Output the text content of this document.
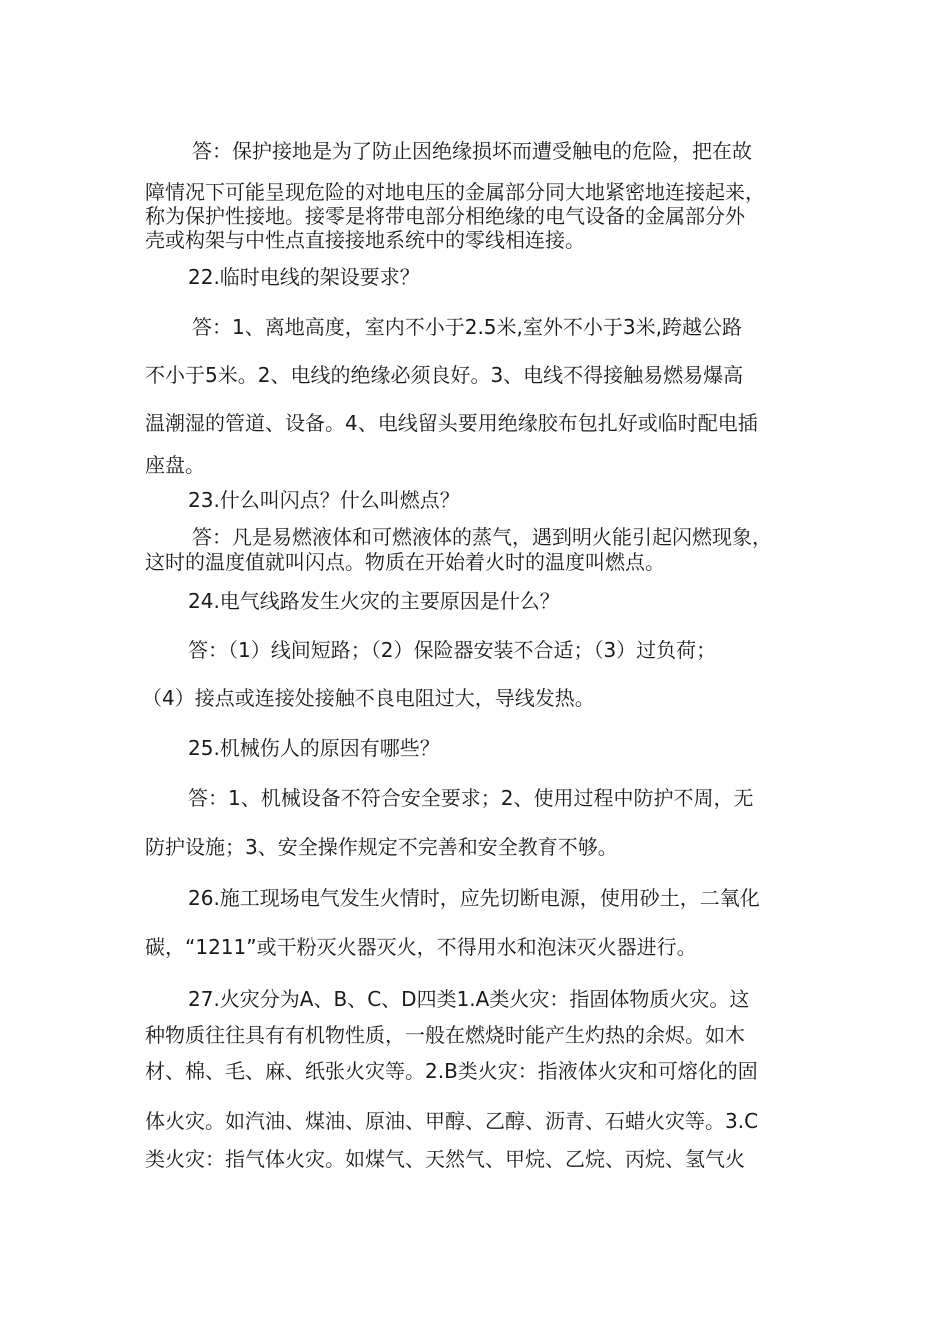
答：保护接地是为了防止因绝缘损坏而遭受触电的危险，把在故
障情况下可能呈现危险的对地电压的金属部分同大地紧密地连接起来，
称为保护性接地。接零是将带电部分相绝缘的电气设备的金属部分外
壳或构架与中性点直接接地系统中的零线相连接。
22.临时电线的架设要求？
答：1、离地高度，室内不小于2.5米,室外不小于3米,跨越公路
不小于5米。2、电线的绝缘必须良好。3、电线不得接触易燃易爆高
温潮湿的管道、设备。4、电线留头要用绝缘胶布包扎好或临时配电插
座盘。
23.什么叫闪点？什么叫燃点？
答：凡是易燃液体和可燃液体的蒸气，遇到明火能引起闪燃现象，
这时的温度值就叫闪点。物质在开始着火时的温度叫燃点。
24.电气线路发生火灾的主要原因是什么？
答：（1）线间短路；（2）保险器安装不合适；（3）过负荷；
（4）接点或连接处接触不良电阻过大，导线发热。
25.机械伤人的原因有哪些？
答：1、机械设备不符合安全要求；2、使用过程中防护不周，无
防护设施；3、安全操作规定不完善和安全教育不够。
26.施工现场电气发生火情时，应先切断电源，使用砂土，二氧化
碳，“1211”或干粉灭火器灭火，不得用水和泡沫灭火器进行。
27.火灾分为A、B、C、D四类1.A类火灾：指固体物质火灾。这
种物质往往具有有机物性质，一般在燃烧时能产生灼热的余烬。如木
材、棉、毛、麻、纸张火灾等。2.B类火灾：指液体火灾和可熔化的固
体火灾。如汽油、煤油、原油、甲醇、乙醇、沥青、石蜡火灾等。3.C
类火灾：指气体火灾。如煤气、天然气、甲烷、乙烷、丙烷、氢气火
